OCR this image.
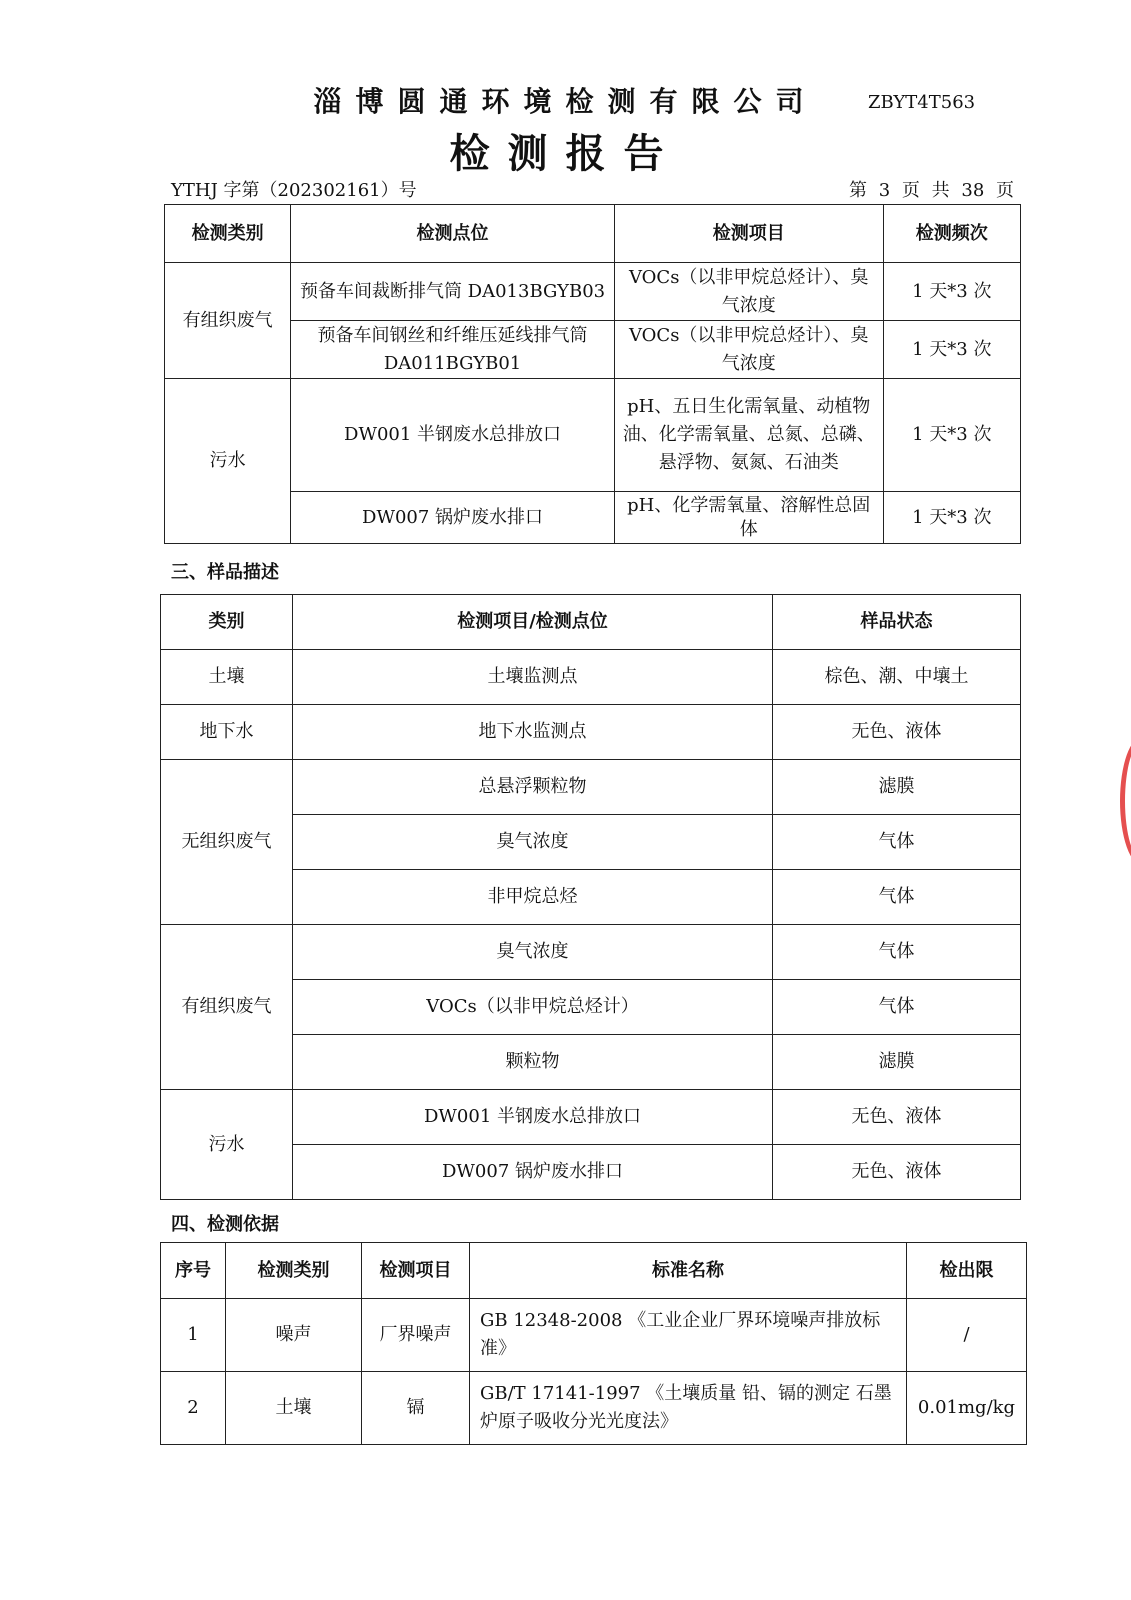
淄博圆通环境检测有限公司	ZBYT4T563
检测报告
YTHJ 字第（202302161）号	第 3 页 共 38 页
检测类别	检测点位	检测项目	检测频次
有组织废气	预备车间裁断排气筒 DA013BGYB03	VOCs（以非甲烷总烃计）、臭气浓度	1 天*3 次
	预备车间钢丝和纤维压延线排气筒 DA011BGYB01	VOCs（以非甲烷总烃计）、臭气浓度	1 天*3 次
污水	DW001 半钢废水总排放口	pH、五日生化需氧量、动植物油、化学需氧量、总氮、总磷、悬浮物、氨氮、石油类	1 天*3 次
	DW007 锅炉废水排口	pH、化学需氧量、溶解性总固体	1 天*3 次
三、样品描述
类别	检测项目/检测点位	样品状态
土壤	土壤监测点	棕色、潮、中壤土
地下水	地下水监测点	无色、液体
无组织废气	总悬浮颗粒物	滤膜
	臭气浓度	气体
	非甲烷总烃	气体
有组织废气	臭气浓度	气体
	VOCs（以非甲烷总烃计）	气体
	颗粒物	滤膜
污水	DW001 半钢废水总排放口	无色、液体
	DW007 锅炉废水排口	无色、液体
四、检测依据
序号	检测类别	检测项目	标准名称	检出限
1	噪声	厂界噪声	GB 12348-2008 《工业企业厂界环境噪声排放标准》	/
2	土壤	镉	GB/T 17141-1997 《土壤质量 铅、镉的测定 石墨炉原子吸收分光光度法》	0.01mg/kg
